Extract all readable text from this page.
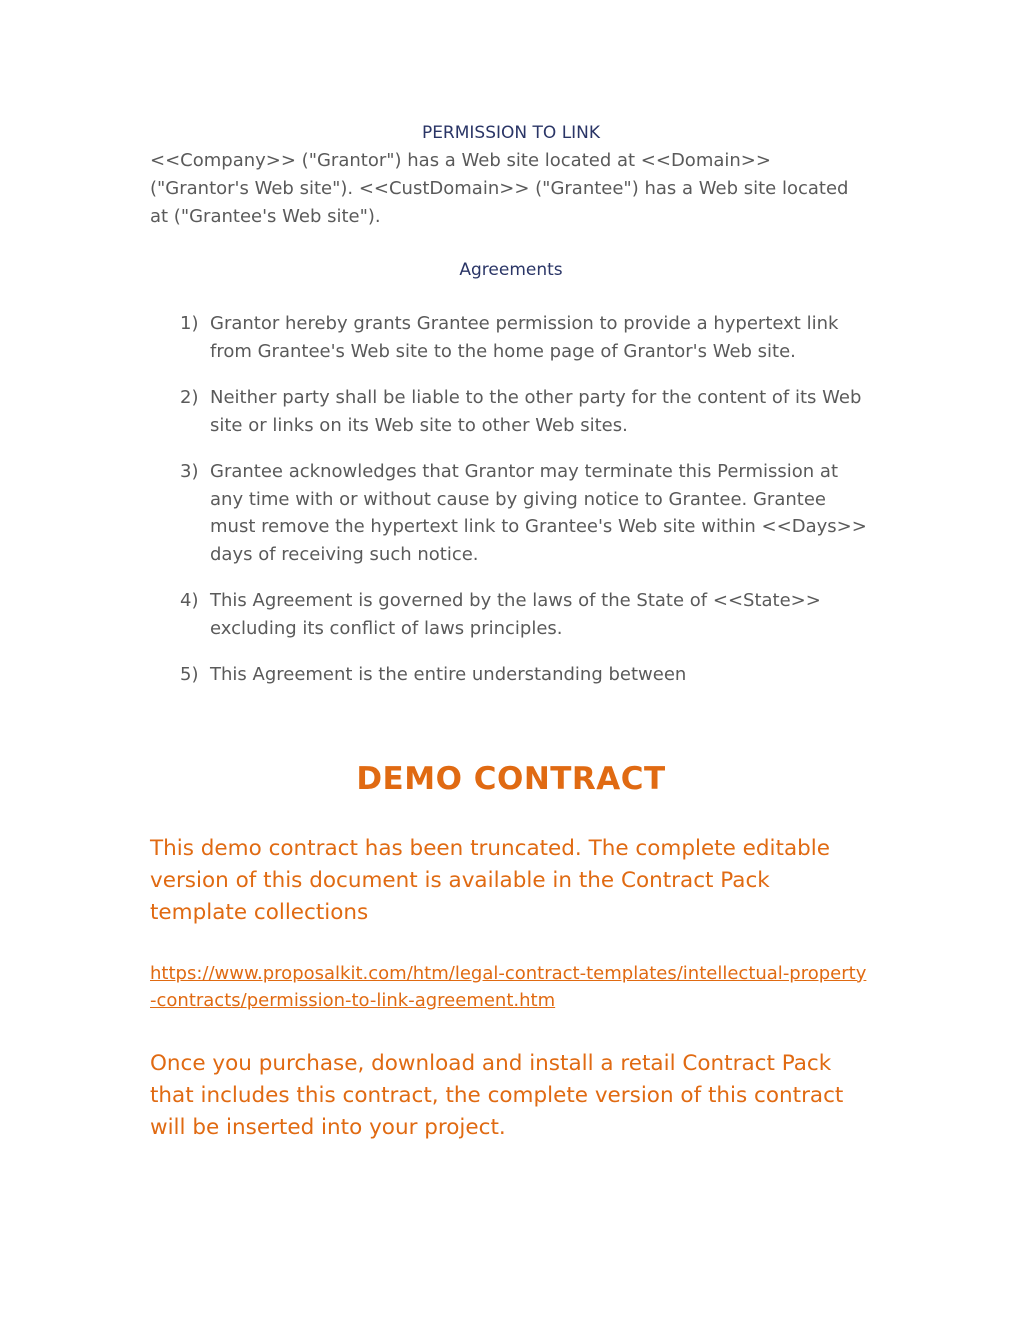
PERMISSION TO LINK

<<Company>> ("Grantor") has a Web site located at <<Domain>> ("Grantor's Web site"). <<CustDomain>> ("Grantee") has a Web site located at ("Grantee's Web site").

Agreements

1) Grantor hereby grants Grantee permission to provide a hypertext link from Grantee's Web site to the home page of Grantor's Web site.
2) Neither party shall be liable to the other party for the content of its Web site or links on its Web site to other Web sites.
3) Grantee acknowledges that Grantor may terminate this Permission at any time with or without cause by giving notice to Grantee. Grantee must remove the hypertext link to Grantee's Web site within <<Days>> days of receiving such notice.
4) This Agreement is governed by the laws of the State of <<State>> excluding its conflict of laws principles.
5) This Agreement is the entire understanding between
DEMO CONTRACT

This demo contract has been truncated. The complete editable version of this document is available in the Contract Pack template collections

https://www.proposalkit.com/htm/legal-contract-templates/intellectual-property-contracts/permission-to-link-agreement.htm

Once you purchase, download and install a retail Contract Pack that includes this contract, the complete version of this contract will be inserted into your project.
